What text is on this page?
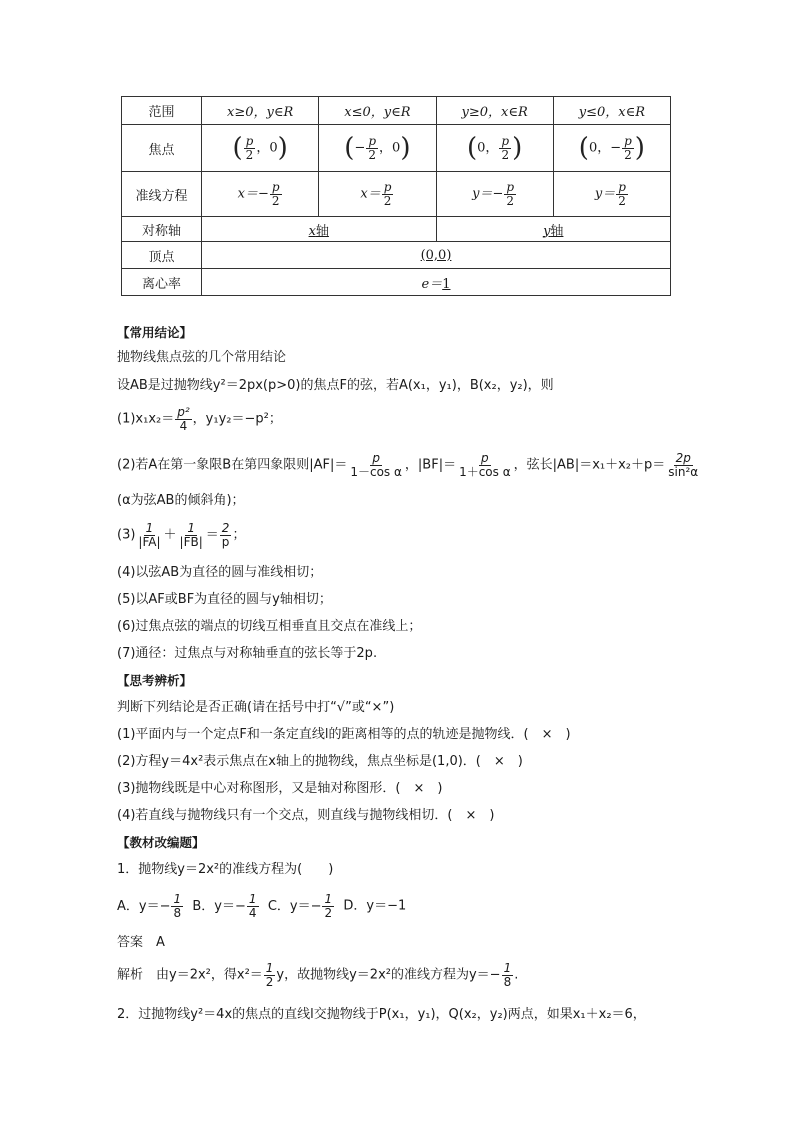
范围	x≥0，y∈R	x≤0，y∈R	y≥0，x∈R	y≤0，x∈R
焦点	( $\frac{p}{2}$ ，0)	(− $\frac{p}{2}$ ，0)	(0， $\frac{p}{2}$ )	(0，− $\frac{p}{2}$ )
准线方程	$x=- \frac{p}{2}$	$x= \frac{p}{2}$	$y=- \frac{p}{2}$	$y= \frac{p}{2}$

对称轴	x轴		y轴	
顶点	(0,0)			
离心率	e＝1			
【常用结论】
抛物线焦点弦的几个常用结论
设AB是过抛物线y²＝2px(p>0)的焦点F的弦，若A(x₁，y₁)，B(x₂，y₂)，则
$(1)x_1x_2= \frac{\text{p²}}{4}$ ，y₁y₂＝−p²；
(2)若A在第一象限B在第四象限则$|AF|= \frac{p}{\text{1－cos α}}$ ，$|BF|= \frac{p}{\text{1＋cos α}}$ ，弦长$|AB|=x_1+x_2+p= \frac{2p}{\text{sin²α}}$
(α为弦AB的倾斜角)；
$(3) \frac{1}{|FA|} + \frac{1}{|FB|} = \frac{2}{p}$ ；
(4)以弦AB为直径的圆与准线相切；
(5)以AF或BF为直径的圆与y轴相切；
(6)过焦点弦的端点的切线互相垂直且交点在准线上；
(7)通径：过焦点与对称轴垂直的弦长等于2p.
【思考辨析】
判断下列结论是否正确(请在括号中打“√”或“×”)
(1)平面内与一个定点F和一条定直线l的距离相等的点的轨迹是抛物线．(　×　)
(2)方程y＝4x²表示焦点在x轴上的抛物线，焦点坐标是(1,0)．(　×　)
(3)抛物线既是中心对称图形，又是轴对称图形．(　×　)
(4)若直线与抛物线只有一个交点，则直线与抛物线相切．(　×　)
【教材改编题】
1．抛物线y＝2x²的准线方程为(　　)
A．$y=- \frac{1}{8}$ B．$y=- \frac{1}{4}$ C．$y=- \frac{1}{2}$ D．y＝−1
答案　A
解析　由y＝2x²，得$x^2= \frac{1}{2}$ y，故抛物线y＝2x²的准线方程为$y=- \frac{1}{8}$ .
2．过抛物线y²＝4x的焦点的直线l交抛物线于P(x₁，y₁)，Q(x₂，y₂)两点，如果x₁＋x₂＝6，
